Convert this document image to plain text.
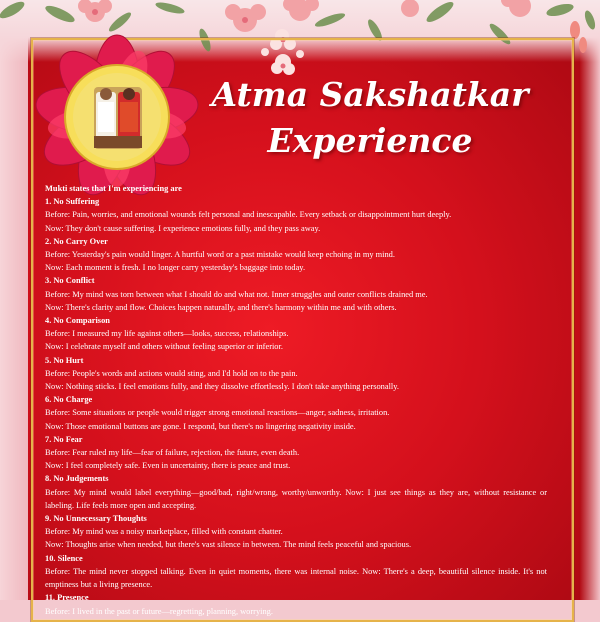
Atma Sakshatkar
Experience

Mukti states that I'm experiencing are

1. No Suffering

Before: Pain, worries, and emotional wounds felt personal and inescapable. Every setback or disappointment hurt deeply.

Now: They don't cause suffering. I experience emotions fully, and they pass away.

2. No Carry Over

Before: Yesterday's pain would linger. A hurtful word or a past mistake would keep echoing in my mind.

Now: Each moment is fresh. I no longer carry yesterday's baggage into today.

3. No Conflict

Before: My mind was torn between what I should do and what not. Inner struggles and outer conflicts drained me.

Now: There's clarity and flow. Choices happen naturally, and there's harmony within me and with others.

4. No Comparison

Before: I measured my life against others—looks, success, relationships.

Now: I celebrate myself and others without feeling superior or inferior.

5. No Hurt

Before: People's words and actions would sting, and I'd hold on to the pain.

Now: Nothing sticks. I feel emotions fully, and they dissolve effortlessly. I don't take anything personally.

6. No Charge

Before: Some situations or people would trigger strong emotional reactions—anger, sadness, irritation.

Now: Those emotional buttons are gone. I respond, but there's no lingering negativity inside.

7. No Fear

Before: Fear ruled my life—fear of failure, rejection, the future, even death.

Now: I feel completely safe. Even in uncertainty, there is peace and trust.

8. No Judgements

Before: My mind would label everything—good/bad, right/wrong, worthy/unworthy. Now: I just see things as they are, without resistance or labeling. Life feels more open and accepting.

9. No Unnecessary Thoughts

Before: My mind was a noisy marketplace, filled with constant chatter.

Now: Thoughts arise when needed, but there's vast silence in between. The mind feels peaceful and spacious.

10. Silence

Before: The mind never stopped talking. Even in quiet moments, there was internal noise. Now: There's a deep, beautiful silence inside. It's not emptiness but a living presence.

11. Presence

Before: I lived in the past or future—regretting, planning, worrying.
